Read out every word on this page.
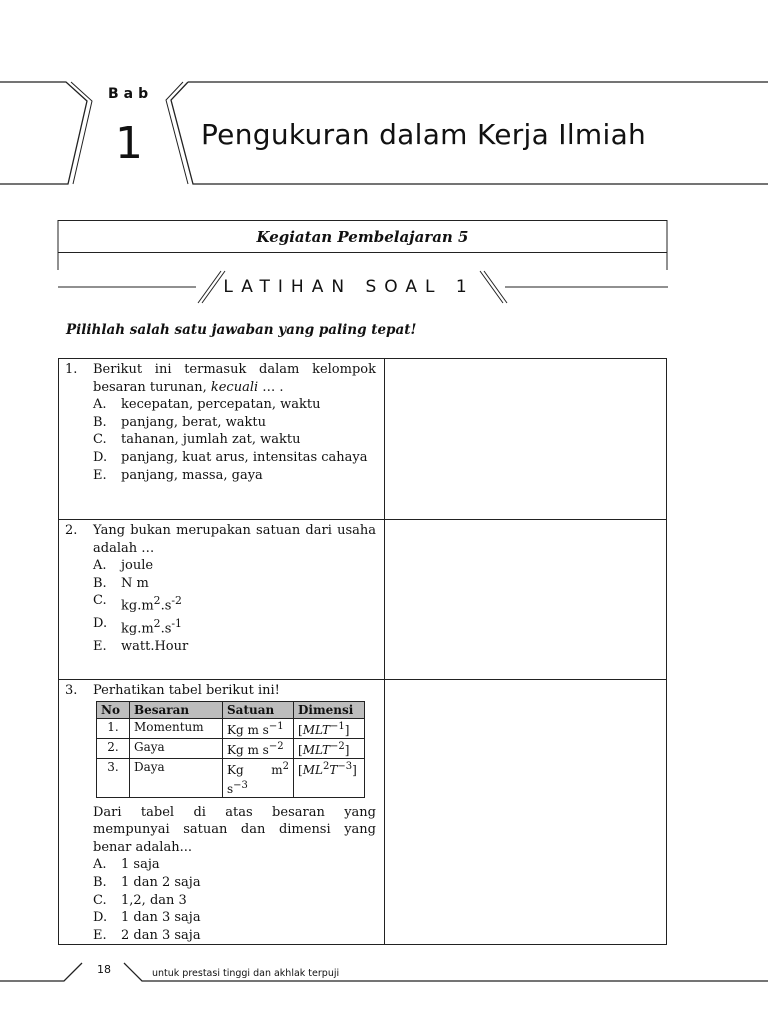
Bab
1 Pengukuran dalam Kerja Ilmiah
Kegiatan Pembelajaran 5
LATIHAN SOAL 1
Pilihlah salah satu jawaban yang paling tepat!
1.	Berikut ini termasuk dalam kelompok besaran turunan, kecuali … .
A.	kecepatan, percepatan, waktu
B.	panjang, berat, waktu
C.	tahanan, jumlah zat, waktu
D.	panjang, kuat arus, intensitas cahaya
E.	panjang, massa, gaya

2.	Yang bukan merupakan satuan dari usaha adalah …
A.	joule
B.	N m
C.	$kg.m^2.s^{-2}$
D.	$kg.m^2.s^{-1}$
E.	watt.Hour

3.	Perhatikan tabel berikut ini!
No	Besaran	Satuan	Dimensi
1.	Momentum	Kg m $s^{-1}$	$[MLT^{-1}]$
2.	Gaya	Kg m $s^{-2}$	$[MLT^{-2}]$
3.	Daya	Kg $m^2$ $s^{-3}$	$[ML^2T^{-3}]$
Dari tabel di atas besaran yang mempunyai satuan dan dimensi yang benar adalah...
A.	1 saja
B.	1 dan 2 saja
C.	1,2, dan 3
D.	1 dan 3 saja
E.	2 dan 3 saja

18	untuk prestasi tinggi dan akhlak terpuji
